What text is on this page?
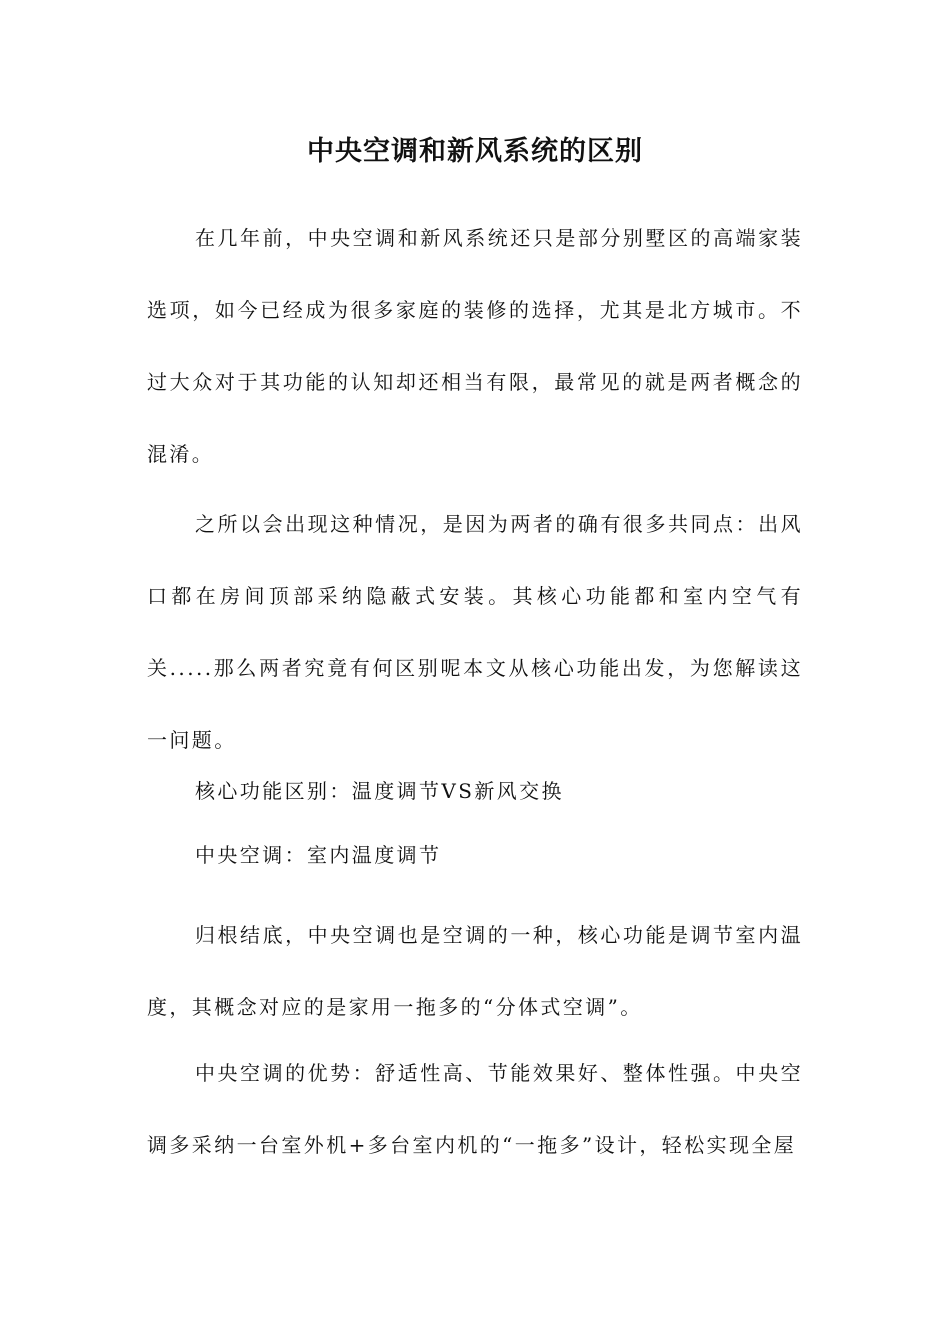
中央空调和新风系统的区别

在几年前，中央空调和新风系统还只是部分别墅区的高端家装选项，如今已经成为很多家庭的装修的选择，尤其是北方城市。不过大众对于其功能的认知却还相当有限，最常见的就是两者概念的混淆。

之所以会出现这种情况，是因为两者的确有很多共同点：出风口都在房间顶部采纳隐蔽式安装。其核心功能都和室内空气有关.....那么两者究竟有何区别呢本文从核心功能出发，为您解读这一问题。

核心功能区别：温度调节VS新风交换

中央空调：室内温度调节

归根结底，中央空调也是空调的一种，核心功能是调节室内温度，其概念对应的是家用一拖多的“分体式空调”。

中央空调的优势：舒适性高、节能效果好、整体性强。中央空调多采纳一台室外机+多台室内机的“一拖多”设计，轻松实现全屋
